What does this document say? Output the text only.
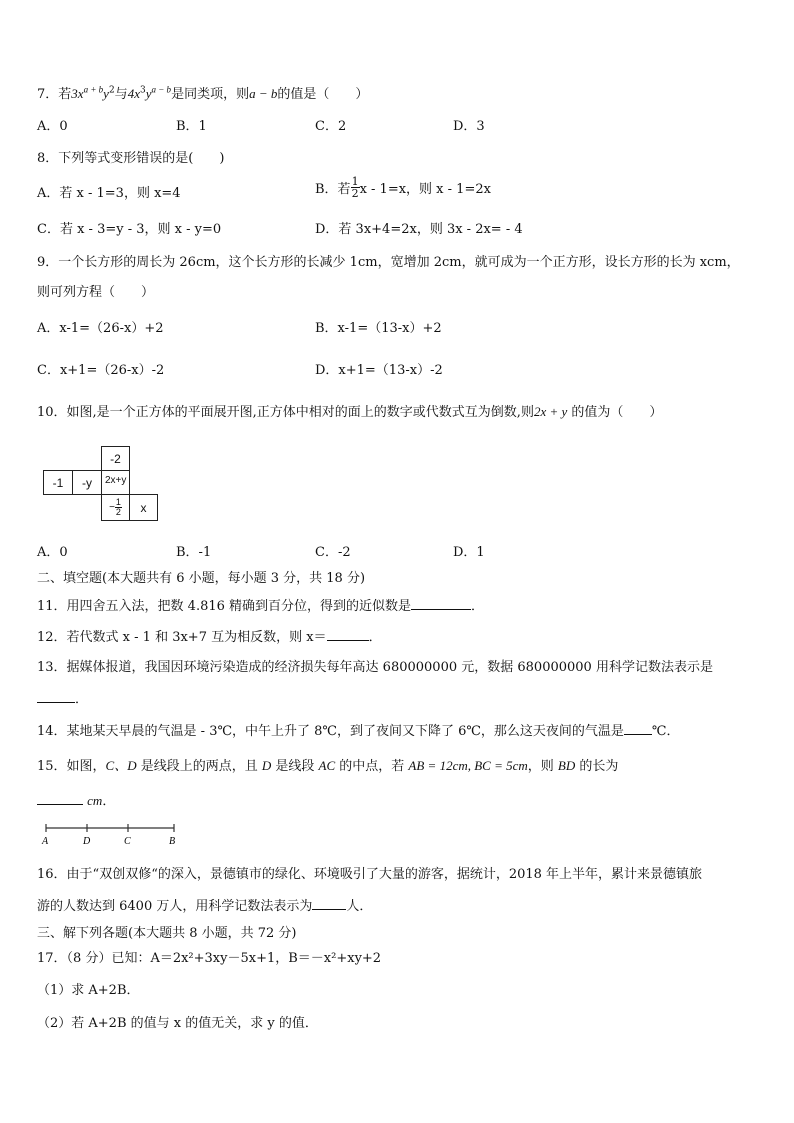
7．若$3x^{a + b}y^2$与$4x^3y^{a - b}$是同类项，则a − b的值是（　　）
A．0	B．1	C．2	D．3
8．下列等式变形错误的是(　　)
A．若 x - 1=3，则 x=4	B．若 $\frac{1}{2}$ x - 1=x，则 x - 1=2x
C．若 x - 3=y - 3，则 x - y=0	D．若 3x+4=2x，则 3x - 2x= - 4
9．一个长方形的周长为 26cm，这个长方形的长减少 1cm，宽增加 2cm，就可成为一个正方形，设长方形的长为 xcm，
则可列方程（　　）
A．x-1=（26-x）+2	B．x-1=（13-x）+2
C．x+1=（26-x）-2	D．x+1=（13-x）-2
10．如图,是一个正方体的平面展开图,正方体中相对的面上的数字或代数式互为倒数,则2x + y 的值为（　　）
-2
-1	-y	2x+y
− $\frac{1}{2}$	x
A．0	B．-1	C．-2	D．1
二、填空题(本大题共有 6 小题，每小题 3 分，共 18 分)
11．用四舍五入法，把数 4.816 精确到百分位，得到的近似数是	．
12．若代数式 x - 1 和 3x+7 互为相反数，则 x＝	．
13．据媒体报道，我国因环境污染造成的经济损失每年高达 680000000 元，数据 680000000 用科学记数法表示是
．
14．某地某天早晨的气温是 - 3℃，中午上升了 8℃，到了夜间又下降了 6℃，那么这天夜间的气温是 ℃．
15．如图，C、D 是线段上的两点，且 D 是线段 AC 的中点，若 AB = 12cm, BC = 5cm，则 BD 的长为
cm．
A	D	C	B
16．由于“双创双修“的深入，景德镇市的绿化、环境吸引了大量的游客，据统计，2018 年上半年，累计来景德镇旅
游的人数达到 6400 万人，用科学记数法表示为	人．
三、解下列各题(本大题共 8 小题，共 72 分)
17．（8 分）已知：A＝2x²+3xy－5x+1，B＝－x²+xy+2
（1）求 A+2B．
（2）若 A+2B 的值与 x 的值无关，求 y 的值．
